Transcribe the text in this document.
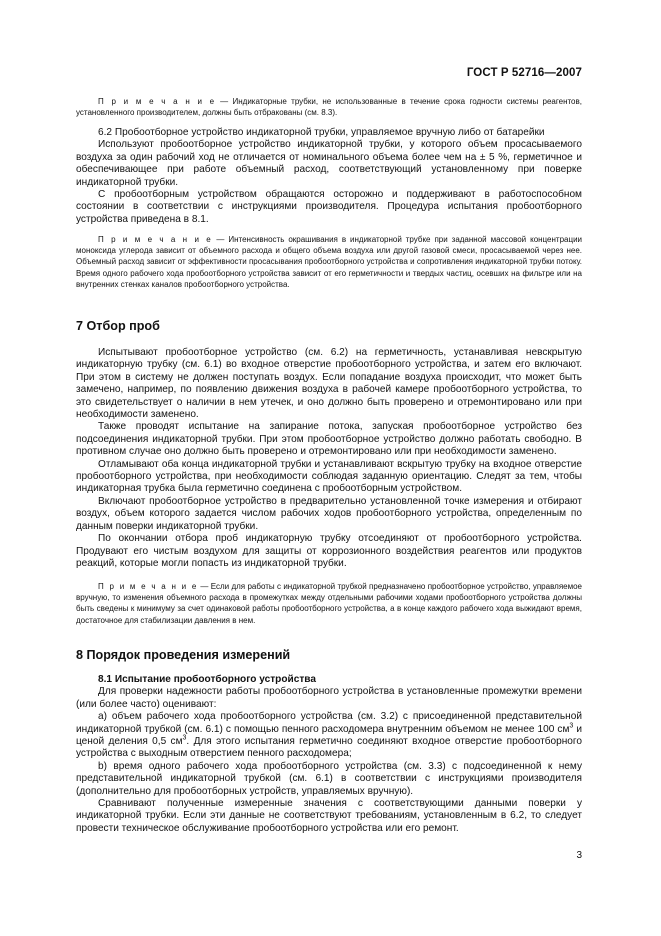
ГОСТ Р 52716—2007

П р и м е ч а н и е — Индикаторные трубки, не использованные в течение срока годности системы реагентов, установленного производителем, должны быть отбракованы (см. 8.3).

6.2 Пробоотборное устройство индикаторной трубки, управляемое вручную либо от батарейки

Используют пробоотборное устройство индикаторной трубки, у которого объем просасываемого воздуха за один рабочий ход не отличается от номинального объема более чем на ± 5 %, герметичное и обеспечивающее при работе объемный расход, соответствующий установленному при поверке индикаторной трубки.

С пробоотборным устройством обращаются осторожно и поддерживают в работоспособном состоянии в соответствии с инструкциями производителя. Процедура испытания пробоотборного устройства приведена в 8.1.

П р и м е ч а н и е — Интенсивность окрашивания в индикаторной трубке при заданной массовой концентрации моноксида углерода зависит от объемного расхода и общего объема воздуха или другой газовой смеси, просасываемой через нее. Объемный расход зависит от эффективности просасывания пробоотборного устройства и сопротивления индикаторной трубки потоку. Время одного рабочего хода пробоотборного устройства зависит от его герметичности и твердых частиц, осевших на фильтре или на внутренних стенках каналов пробоотборного устройства.

7 Отбор проб

Испытывают пробоотборное устройство (см. 6.2) на герметичность, устанавливая невскрытую индикаторную трубку (см. 6.1) во входное отверстие пробоотборного устройства, и затем его включают. При этом в систему не должен поступать воздух. Если попадание воздуха происходит, что может быть замечено, например, по появлению движения воздуха в рабочей камере пробоотборного устройства, то это свидетельствует о наличии в нем утечек, и оно должно быть проверено и отремонтировано или при необходимости заменено.

Также проводят испытание на запирание потока, запуская пробоотборное устройство без подсоединения индикаторной трубки. При этом пробоотборное устройство должно работать свободно. В противном случае оно должно быть проверено и отремонтировано или при необходимости заменено.

Отламывают оба конца индикаторной трубки и устанавливают вскрытую трубку на входное отверстие пробоотборного устройства, при необходимости соблюдая заданную ориентацию. Следят за тем, чтобы индикаторная трубка была герметично соединена с пробоотборным устройством.

Включают пробоотборное устройство в предварительно установленной точке измерения и отбирают воздух, объем которого задается числом рабочих ходов пробоотборного устройства, определенным по данным поверки индикаторной трубки.

По окончании отбора проб индикаторную трубку отсоединяют от пробоотборного устройства. Продувают его чистым воздухом для защиты от коррозионного воздействия реагентов или продуктов реакций, которые могли попасть из индикаторной трубки.

П р и м е ч а н и е — Если для работы с индикаторной трубкой предназначено пробоотборное устройство, управляемое вручную, то изменения объемного расхода в промежутках между отдельными рабочими ходами пробоотборного устройства должны быть сведены к минимуму за счет одинаковой работы пробоотборного устройства, а в конце каждого рабочего хода выжидают время, достаточное для стабилизации давления в нем.

8 Порядок проведения измерений

8.1 Испытание пробоотборного устройства

Для проверки надежности работы пробоотборного устройства в установленные промежутки времени (или более часто) оценивают:

а) объем рабочего хода пробоотборного устройства (см. 3.2) с присоединенной представительной индикаторной трубкой (см. 6.1) с помощью пенного расходомера внутренним объемом не менее 100 $см^3$ и ценой деления 0,5 $см^3$. Для этого испытания герметично соединяют входное отверстие пробоотборного устройства с выходным отверстием пенного расходомера;

b) время одного рабочего хода пробоотборного устройства (см. 3.3) с подсоединенной к нему представительной индикаторной трубкой (см. 6.1) в соответствии с инструкциями производителя (дополнительно для пробоотборных устройств, управляемых вручную).

Сравнивают полученные измеренные значения с соответствующими данными поверки у индикаторной трубки. Если эти данные не соответствуют требованиям, установленным в 6.2, то следует провести техническое обслуживание пробоотборного устройства или его ремонт.

3
